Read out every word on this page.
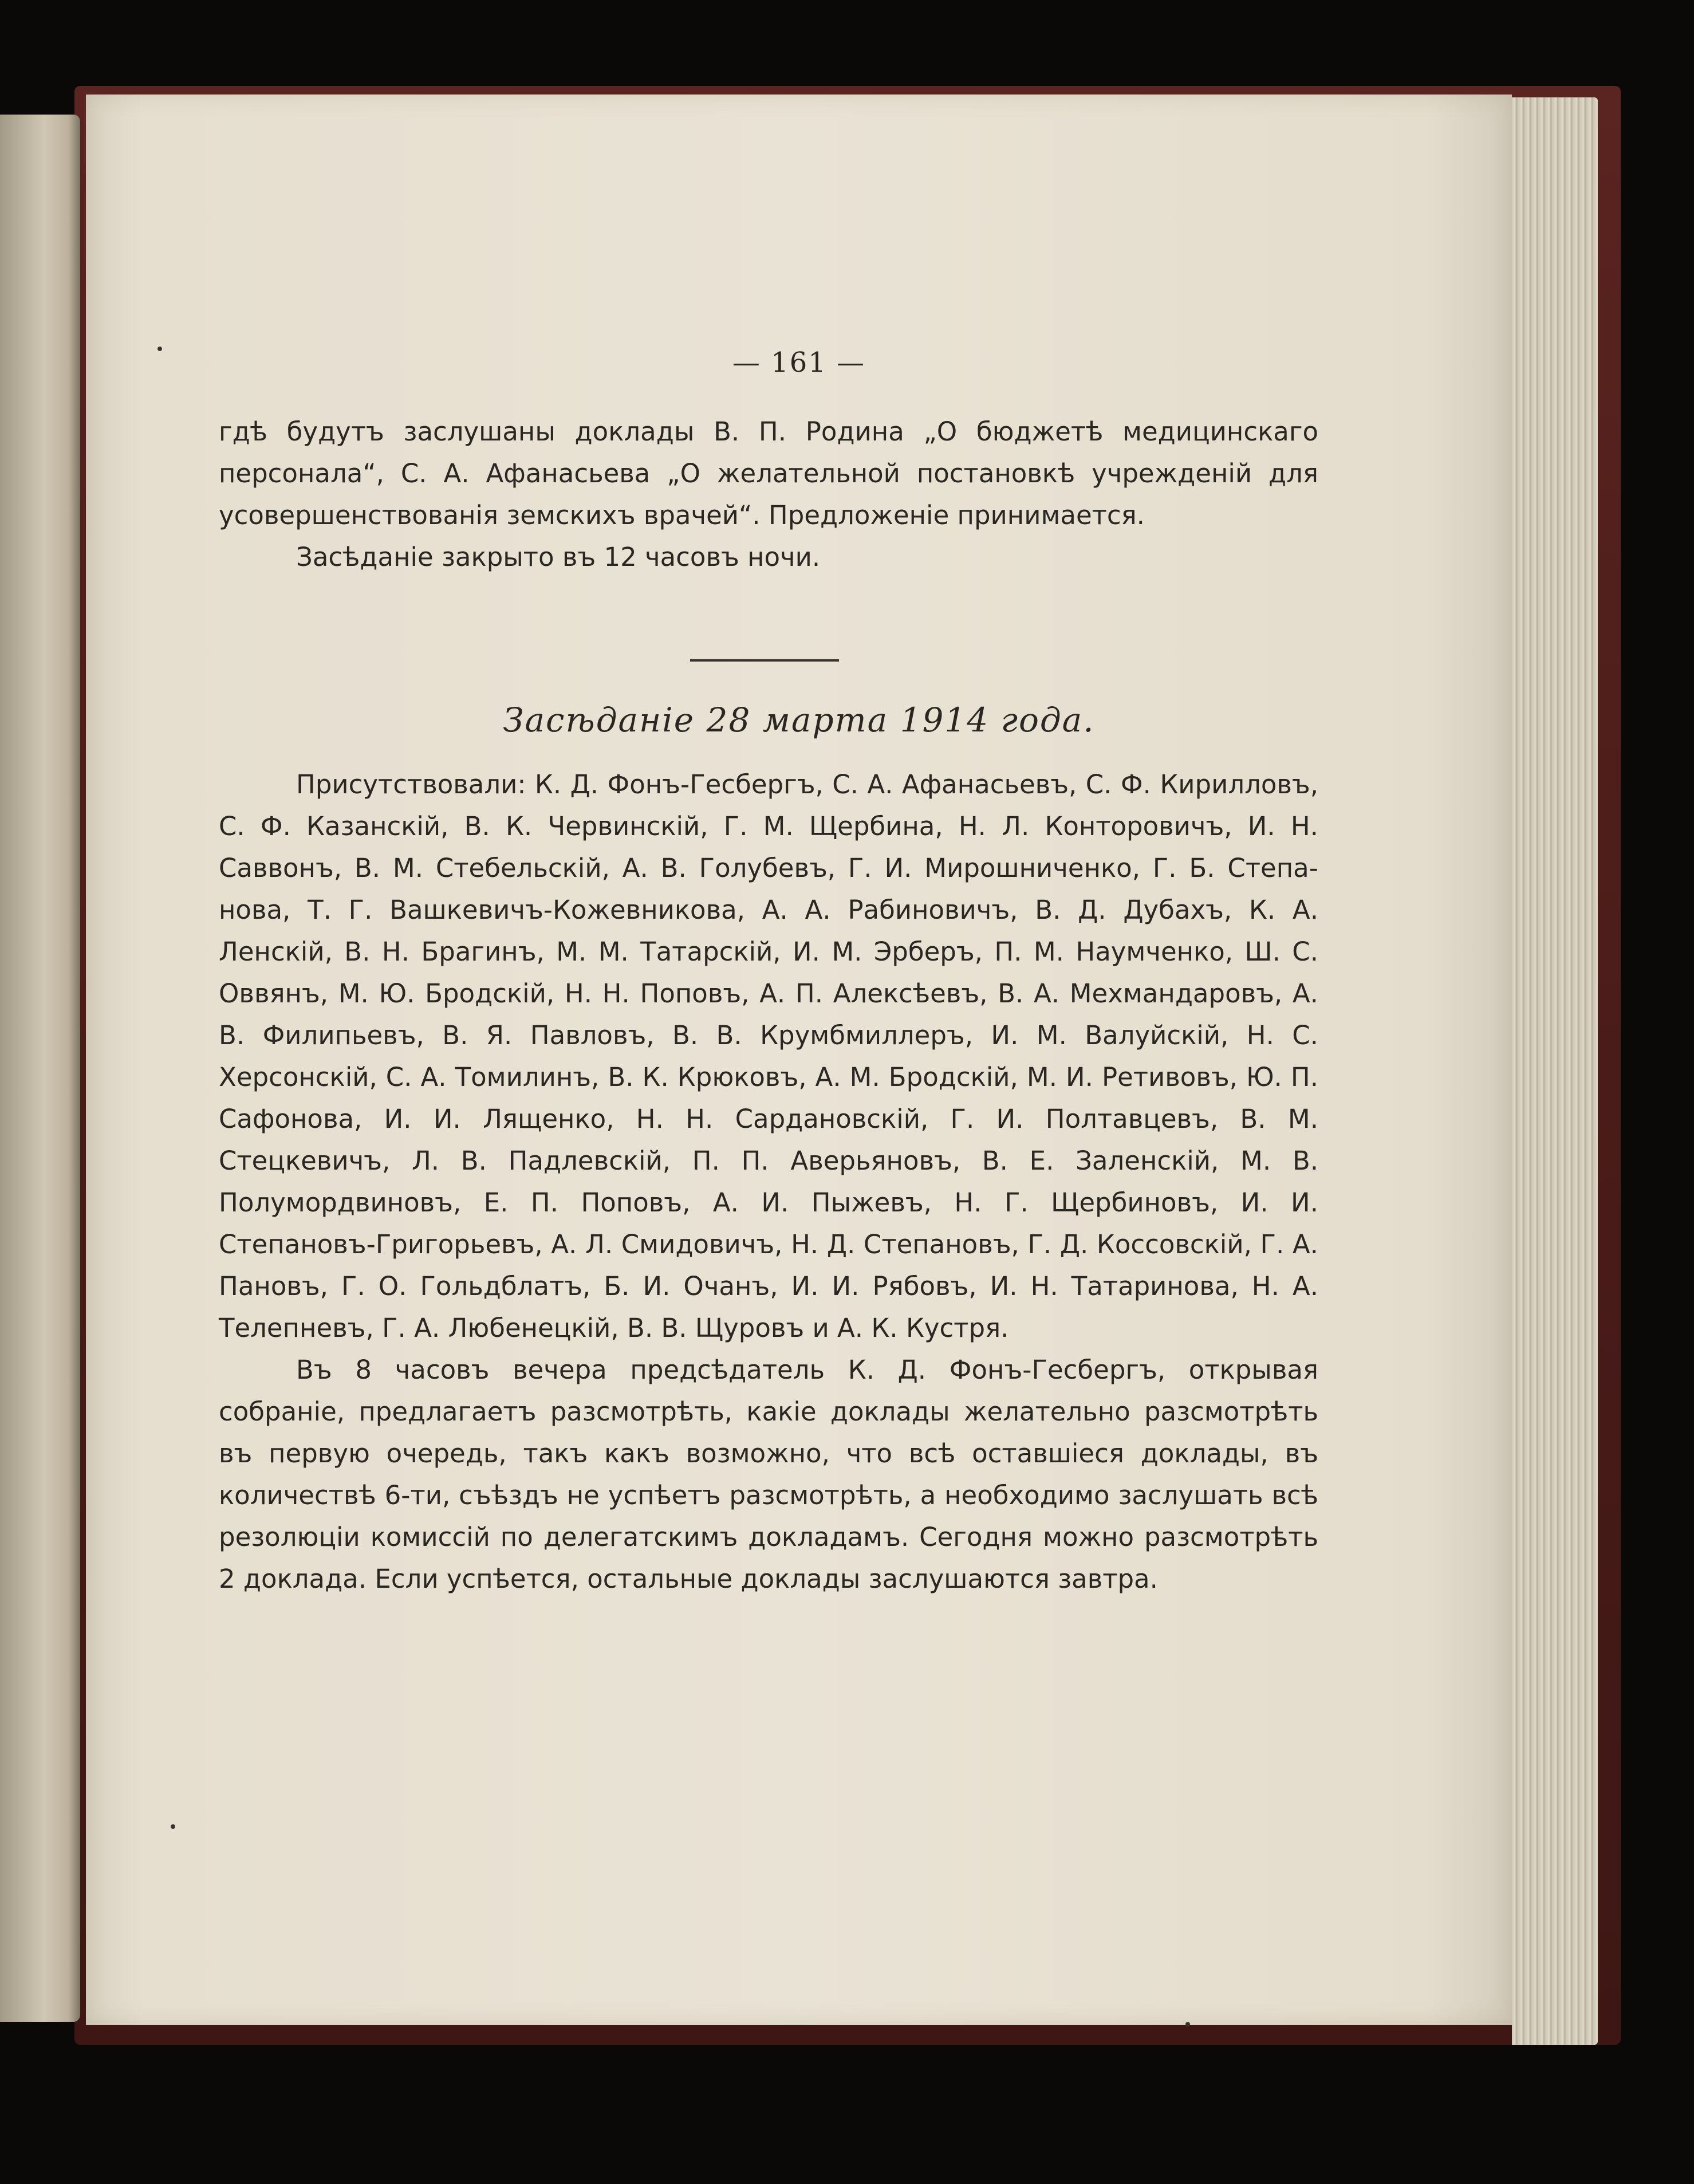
— 161 —

гдѣ будутъ заслушаны доклады В. П. Родина „О бюджетѣ медицинскаго персонала“, С. А. Афанасьева „О желательной постановкѣ учрежденій для усовершенствованія земскихъ врачей“. Предложеніе принимается.

Засѣданіе закрыто въ 12 часовъ ночи.

Засѣданіе 28 марта 1914 года.

Присутствовали: К. Д. Фонъ-Гесбергъ, С. А. Афанасьевъ, С. Ф. Кирилловъ, С. Ф. Казанскій, В. К. Червинскій, Г. М. Щербина, Н. Л. Конторовичъ, И. Н. Саввонъ, В. М. Стебельскій, А. В. Голубевъ, Г. И. Мирошниченко, Г. Б. Степанова, Т. Г. Вашкевичъ-Кожевникова, А. А. Рабиновичъ, В. Д. Дубахъ, К. А. Ленскій, В. Н. Брагинъ, М. М. Татарскій, И. М. Эрберъ, П. М. Наумченко, Ш. С. Оввянъ, М. Ю. Бродскій, Н. Н. Поповъ, А. П. Алексѣевъ, В. А. Мехмандаровъ, А. В. Филипьевъ, В. Я. Павловъ, В. В. Крумбмиллеръ, И. М. Валуйскій, Н. С. Херсонскій, С. А. Томилинъ, В. К. Крюковъ, А. М. Бродскій, М. И. Ретивовъ, Ю. П. Сафонова, И. И. Лященко, Н. Н. Сардановскій, Г. И. Полтавцевъ, В. М. Стецкевичъ, Л. В. Падлевскій, П. П. Аверьяновъ, В. Е. Заленскій, М. В. Полумордвиновъ, Е. П. Поповъ, А. И. Пыжевъ, Н. Г. Щербиновъ, И. И. Степановъ-Григорьевъ, А. Л. Смидовичъ, Н. Д. Степановъ, Г. Д. Коссовскій, Г. А. Пановъ, Г. О. Гольдблатъ, Б. И. Очанъ, И. И. Рябовъ, И. Н. Татаринова, Н. А. Телепневъ, Г. А. Любенецкій, В. В. Щуровъ и А. К. Кустря.

Въ 8 часовъ вечера предсѣдатель К. Д. Фонъ-Гесбергъ, открывая собраніе, предлагаетъ разсмотрѣть, какіе доклады желательно разсмотрѣть въ первую очередь, такъ какъ возможно, что всѣ оставшіеся доклады, въ количествѣ 6-ти, съѣздъ не успѣетъ разсмотрѣть, а необходимо заслушать всѣ резолюціи комиссій по делегатскимъ докладамъ. Сегодня можно разсмотрѣть 2 доклада. Если успѣется, остальные доклады заслушаются завтра.
